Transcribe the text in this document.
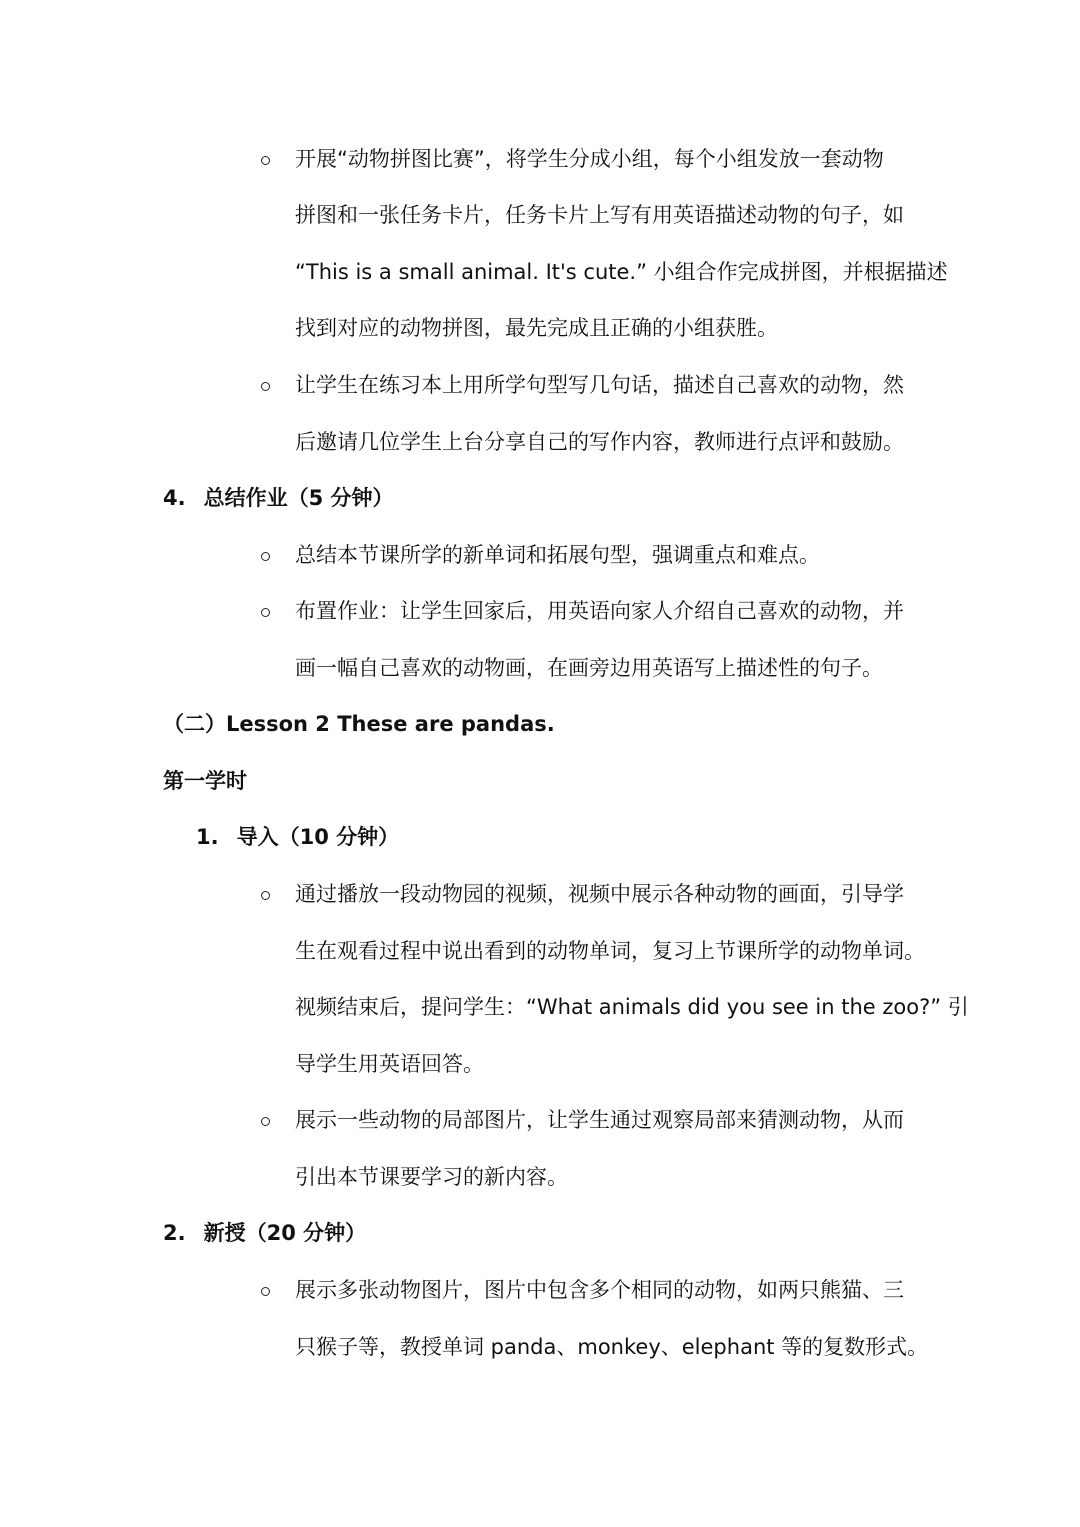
开展“动物拼图比赛”，将学生分成小组，每个小组发放一套动物
拼图和一张任务卡片，任务卡片上写有用英语描述动物的句子，如
“This is a small animal. It's cute.” 小组合作完成拼图，并根据描述
找到对应的动物拼图，最先完成且正确的小组获胜。
让学生在练习本上用所学句型写几句话，描述自己喜欢的动物，然
后邀请几位学生上台分享自己的写作内容，教师进行点评和鼓励。
4. 总结作业（5 分钟）
总结本节课所学的新单词和拓展句型，强调重点和难点。
布置作业：让学生回家后，用英语向家人介绍自己喜欢的动物，并
画一幅自己喜欢的动物画，在画旁边用英语写上描述性的句子。
（二）Lesson 2 These are pandas.
第一学时
1. 导入（10 分钟）
通过播放一段动物园的视频，视频中展示各种动物的画面，引导学
生在观看过程中说出看到的动物单词，复习上节课所学的动物单词。
视频结束后，提问学生：“What animals did you see in the zoo?” 引
导学生用英语回答。
展示一些动物的局部图片，让学生通过观察局部来猜测动物，从而
引出本节课要学习的新内容。
2. 新授（20 分钟）
展示多张动物图片，图片中包含多个相同的动物，如两只熊猫、三
只猴子等，教授单词 panda、monkey、elephant 等的复数形式。
